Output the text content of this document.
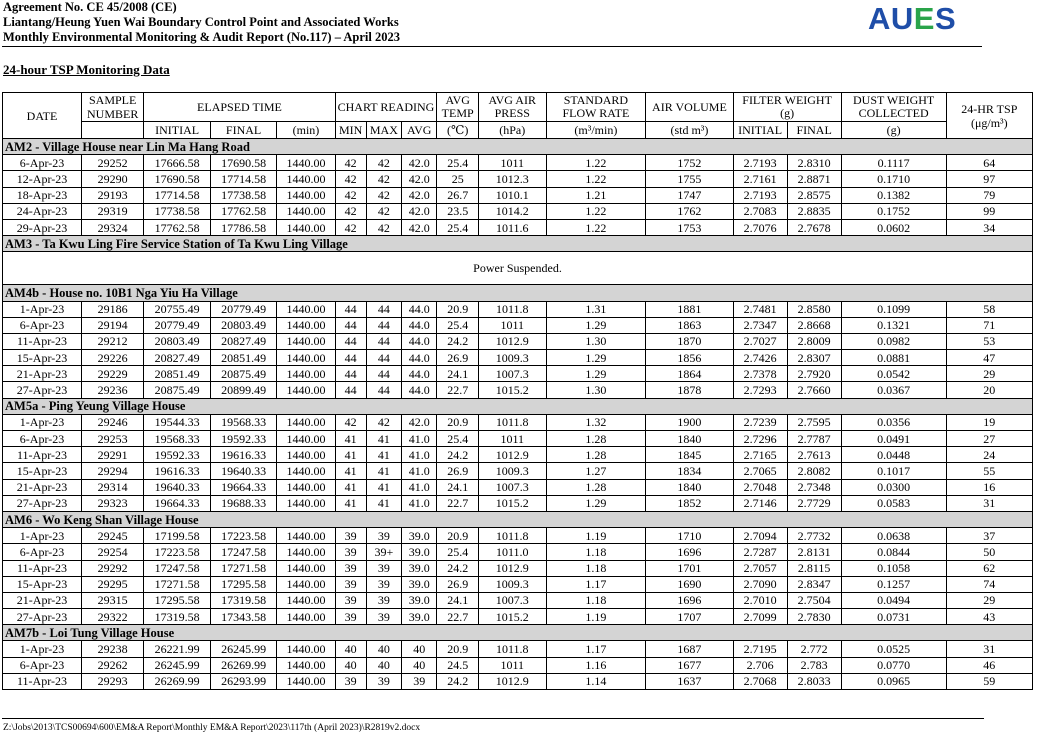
Agreement No. CE 45/2008 (CE)
Liantang/Heung Yuen Wai Boundary Control Point and Associated Works
Monthly Environmental Monitoring & Audit Report (No.117) – April 2023
AUES
24-hour TSP Monitoring Data
DATE	SAMPLE NUMBER	ELAPSED TIME			CHART READING			AVG TEMP	AVG AIR PRESS	STANDARD FLOW RATE	AIR VOLUME	FILTER WEIGHT (g)		DUST WEIGHT COLLECTED	24-HR TSP
(μg/m³)
		INITIAL	FINAL	(min)	MIN	MAX	AVG	(℃)	(hPa)	(m³/min)	(std m³)	INITIAL	FINAL	(g)	
AM2 - Village House near Lin Ma Hang Road															
6-Apr-23	29252	17666.58	17690.58	1440.00	42	42	42.0	25.4	1011	1.22	1752	2.7193	2.8310	0.1117	64
12-Apr-23	29290	17690.58	17714.58	1440.00	42	42	42.0	25	1012.3	1.22	1755	2.7161	2.8871	0.1710	97
18-Apr-23	29193	17714.58	17738.58	1440.00	42	42	42.0	26.7	1010.1	1.21	1747	2.7193	2.8575	0.1382	79
24-Apr-23	29319	17738.58	17762.58	1440.00	42	42	42.0	23.5	1014.2	1.22	1762	2.7083	2.8835	0.1752	99
29-Apr-23	29324	17762.58	17786.58	1440.00	42	42	42.0	25.4	1011.6	1.22	1753	2.7076	2.7678	0.0602	34
AM3 - Ta Kwu Ling Fire Service Station of Ta Kwu Ling Village															
Power Suspended.															
AM4b - House no. 10B1 Nga Yiu Ha Village															
1-Apr-23	29186	20755.49	20779.49	1440.00	44	44	44.0	20.9	1011.8	1.31	1881	2.7481	2.8580	0.1099	58
6-Apr-23	29194	20779.49	20803.49	1440.00	44	44	44.0	25.4	1011	1.29	1863	2.7347	2.8668	0.1321	71
11-Apr-23	29212	20803.49	20827.49	1440.00	44	44	44.0	24.2	1012.9	1.30	1870	2.7027	2.8009	0.0982	53
15-Apr-23	29226	20827.49	20851.49	1440.00	44	44	44.0	26.9	1009.3	1.29	1856	2.7426	2.8307	0.0881	47
21-Apr-23	29229	20851.49	20875.49	1440.00	44	44	44.0	24.1	1007.3	1.29	1864	2.7378	2.7920	0.0542	29
27-Apr-23	29236	20875.49	20899.49	1440.00	44	44	44.0	22.7	1015.2	1.30	1878	2.7293	2.7660	0.0367	20
AM5a - Ping Yeung Village House															
1-Apr-23	29246	19544.33	19568.33	1440.00	42	42	42.0	20.9	1011.8	1.32	1900	2.7239	2.7595	0.0356	19
6-Apr-23	29253	19568.33	19592.33	1440.00	41	41	41.0	25.4	1011	1.28	1840	2.7296	2.7787	0.0491	27
11-Apr-23	29291	19592.33	19616.33	1440.00	41	41	41.0	24.2	1012.9	1.28	1845	2.7165	2.7613	0.0448	24
15-Apr-23	29294	19616.33	19640.33	1440.00	41	41	41.0	26.9	1009.3	1.27	1834	2.7065	2.8082	0.1017	55
21-Apr-23	29314	19640.33	19664.33	1440.00	41	41	41.0	24.1	1007.3	1.28	1840	2.7048	2.7348	0.0300	16
27-Apr-23	29323	19664.33	19688.33	1440.00	41	41	41.0	22.7	1015.2	1.29	1852	2.7146	2.7729	0.0583	31
AM6 - Wo Keng Shan Village House															
1-Apr-23	29245	17199.58	17223.58	1440.00	39	39	39.0	20.9	1011.8	1.19	1710	2.7094	2.7732	0.0638	37
6-Apr-23	29254	17223.58	17247.58	1440.00	39	39+	39.0	25.4	1011.0	1.18	1696	2.7287	2.8131	0.0844	50
11-Apr-23	29292	17247.58	17271.58	1440.00	39	39	39.0	24.2	1012.9	1.18	1701	2.7057	2.8115	0.1058	62
15-Apr-23	29295	17271.58	17295.58	1440.00	39	39	39.0	26.9	1009.3	1.17	1690	2.7090	2.8347	0.1257	74
21-Apr-23	29315	17295.58	17319.58	1440.00	39	39	39.0	24.1	1007.3	1.18	1696	2.7010	2.7504	0.0494	29
27-Apr-23	29322	17319.58	17343.58	1440.00	39	39	39.0	22.7	1015.2	1.19	1707	2.7099	2.7830	0.0731	43
AM7b - Loi Tung Village House															
1-Apr-23	29238	26221.99	26245.99	1440.00	40	40	40	20.9	1011.8	1.17	1687	2.7195	2.772	0.0525	31
6-Apr-23	29262	26245.99	26269.99	1440.00	40	40	40	24.5	1011	1.16	1677	2.706	2.783	0.0770	46
11-Apr-23	29293	26269.99	26293.99	1440.00	39	39	39	24.2	1012.9	1.14	1637	2.7068	2.8033	0.0965	59
Z:\Jobs\2013\TCS00694\600\EM&A Report\Monthly EM&A Report\2023\117th (April 2023)\R2819v2.docx
